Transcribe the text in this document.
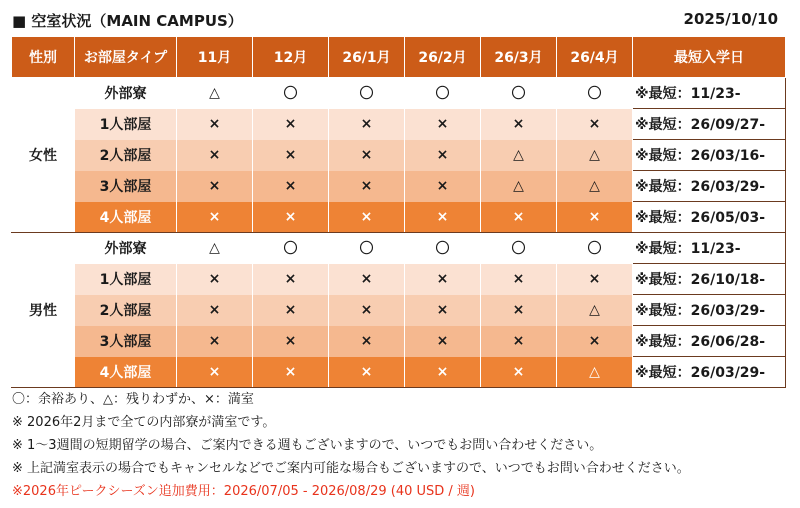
■ 空室状況（MAIN CAMPUS）	2025/10/10
性別	お部屋タイプ	11月	12月	26/1月	26/2月	26/3月	26/4月	最短入学日
女性	外部寮	△	〇	〇	〇	〇	〇	※最短：11/23-
	1人部屋	×	×	×	×	×	×	※最短：26/09/27-
	2人部屋	×	×	×	×	△	△	※最短：26/03/16-
	3人部屋	×	×	×	×	△	△	※最短：26/03/29-
	4人部屋	×	×	×	×	×	×	※最短：26/05/03-
男性	外部寮	△	〇	〇	〇	〇	〇	※最短：11/23-
	1人部屋	×	×	×	×	×	×	※最短：26/10/18-
	2人部屋	×	×	×	×	×	△	※最短：26/03/29-
	3人部屋	×	×	×	×	×	×	※最短：26/06/28-
	4人部屋	×	×	×	×	×	△	※最短：26/03/29-
〇：余裕あり、△：残りわずか、×：満室
※ 2026年2月まで全ての内部寮が満室です。
※ 1～3週間の短期留学の場合、ご案内できる週もございますので、いつでもお問い合わせください。
※ 上記満室表示の場合でもキャンセルなどでご案内可能な場合もございますので、いつでもお問い合わせください。
※2026年ピークシーズン追加費用：2026/07/05 - 2026/08/29 (40 USD / 週)
